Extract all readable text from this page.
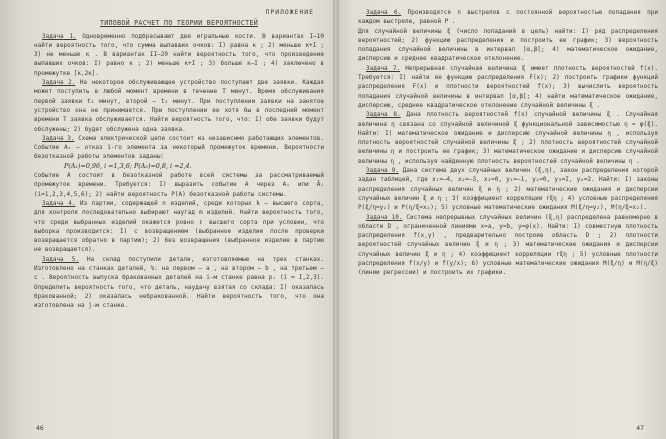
ПРИЛОЖЕНИЕ
ТИПОВОЙ РАСЧЕТ ПО ТЕОРИИ ВЕРОЯТНОСТЕЙ

Задача 1. Одновременно подбрасывают две игральные кости. В вариантах I–10 найти вероятность того, что сумма выпавших очков: I) равна к ; 2) меньше к+I ; 3) не меньше к . В вариантах II–20 найти вероятность того, что произведение выпавших очков: I) равно к ; 2) меньше к+I ; 3) больше к–I ; 4) заключено в промежутке [к,2к].

Задача 2. На некоторое обслуживающее устройство поступают две заявки. Каждая может поступить в любой момент времени в течение T минут. Время обслуживания первой заявки t₁ минут, второй – t₂ минут. При поступлении заявки на занятое устройство она не принимается. При поступлении ее хотя бы в последний момент времени T заявка обслуживается. Найти вероятность того, что: I) обе заявки будут обслужены; 2) будет обслужена одна заявка.

Задача 3. Схема электрической цепи состоит из независимо работающих элементов. Событие Aᵢ – отказ i-го элемента за некоторый промежуток времени. Вероятности безотказной работы элементов заданы:

P(A₁)=0,96, i =1,3,6; P(A₂)=0,8, i =2,4.

Событие A состоит в безотказной работе всей системы за рассматриваемый промежуток времени. Требуется: I) выразить событие A через Aᵢ или Āᵢ (i=1,2,3,4,5,6); 2) найти вероятность P(A) безотказной работы системы.

Задача 4. Из партии, содержащей n изделий, среди которых k – высшего сорта, для контроля последовательно выбирают наугад m изделий. Найти вероятность того, что среди выбранных изделий окажется ровно ℓ высшего сорта при условии, что выборка производится: I) с возвращением (выбранное изделие после проверки возвращается обратно в партию); 2) без возвращения (выбранное изделие в партию не возвращается).

Задача 5. На склад поступили детали, изготовляемые на трех станках. Изготовлено на станках деталей, %: на первом – a , на втором – b , на третьем – c . Вероятность выпуска бракованных деталей на i-м станке равна pᵢ (i = I,2,3). Определить вероятность того, что деталь, наудачу взятая со склада: I) оказалась бракованной; 2) оказалась небракованной. Найти вероятность того, что она изготовлена на j-м станке.

46

Задача 6. Производятся n выстрелов с постоянной вероятностью попадания при каждом выстреле, равной P .

Для случайной величины ξ (число попаданий в цель) найти: I) ряд распределения вероятностей; 2) функцию распределения и построить ее график; 3) вероятность попадания случайной величины в интервал ]α,β[; 4) математическое ожидание, дисперсию и среднее квадратическое отклонение.

Задача 7. Непрерывная случайная величина ξ имеет плотность вероятностей f(x). Требуется: I) найти ее функцию распределения F(x); 2) построить графики функций распределения F(x) и плотности вероятностей f(x); 3) вычислить вероятность попадания случайной величины в интервал ]α,β[; 4) найти математическое ожидание, дисперсию, среднее квадратическое отклонение случайной величины ξ .

Задача 8. Дана плотность вероятностей f(x) случайной величины ξ . Случайная величина η связана со случайной величиной ξ функциональной зависимостью η = φ(ξ). Найти: I) математическое ожидание и дисперсию случайной величины η , используя плотность вероятностей случайной величины ξ ; 2) плотность вероятностей случайной величины η и построить ее график; 3) математическое ожидание и дисперсию случайной величины η , используя найденную плотность вероятностей случайной величины η .

Задача 9. Дана система двух случайных величин (ξ,η), закон распределения которой задан таблицей, где x₁=–4, x₂=–3, x₃=0, y₁=–1, y₂=0, y₃=I, y₄=2. Найти: I) законы распределения случайных величин ξ и η ; 2) математические ожидания и дисперсии случайных величин ξ и η ; 3) коэффициент корреляции rξη ; 4) условные распределения P(ξ/η=y₂) и P(η/ξ=x₂); 5) условные математические ожидания M(ξ/η=y₂), M(η/ξ=x₂).

Задача 10. Система непрерывных случайных величин (ξ,η) распределена равномерно в области D , ограниченной линиями x=a, y=b, y=φ(x). Найти: I) совместную плотность распределения f(x,y) , предварительно построив область D ; 2) плотности вероятностей случайных величин ξ и η ; 3) математические ожидания и дисперсии случайных величин ξ и η ; 4) коэффициент корреляции rξη ; 5) условные плотности распределения f(x/y) и f(y/x); 6) условные математические ожидания M(ξ/η) и M(η/ξ) (линии регрессии) и построить их графики.

47
